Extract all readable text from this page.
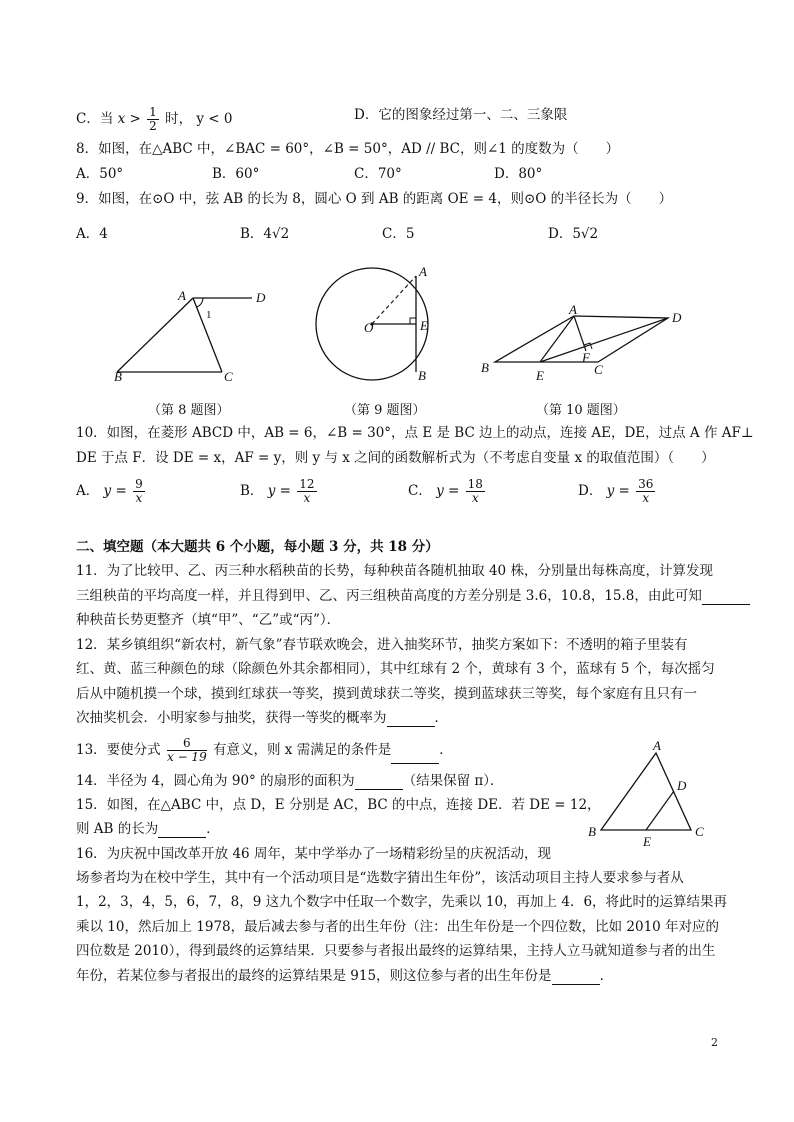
C．当 $x > \frac{1}{2}$ 时， y < 0	D．它的图象经过第一、二、三象限
8．如图，在△ABC 中，∠BAC = 60°，∠B = 50°，AD // BC，则∠1 的度数为（　　）
A．50°	B．60°	C．70°	D．80°
9．如图，在⊙O 中，弦 AB 的长为 8，圆心 O 到 AB 的距离 OE = 4，则⊙O 的半径长为（　　）
A．4	B．4√2	C．5	D．5√2
A	D
1
B	C
（第 8 题图）
A
O	E
B
（第 9 题图）
A
D
F
B
E	C
（第 10 题图）
10．如图，在菱形 ABCD 中，AB = 6，∠B = 30°，点 E 是 BC 边上的动点，连接 AE，DE，过点 A 作 AF⊥
DE 于点 F．设 DE = x，AF = y，则 y 与 x 之间的函数解析式为（不考虑自变量 x 的取值范围）（　　）
A． $y = \frac{9}{x}$	B． $y = \frac{12}{x}$	C． $y = \frac{18}{x}$	D． $y = \frac{36}{x}$
二、填空题（本大题共 6 个小题，每小题 3 分，共 18 分）
11．为了比较甲、乙、丙三种水稻秧苗的长势，每种秧苗各随机抽取 40 株，分别量出每株高度，计算发现
三组秧苗的平均高度一样，并且得到甲、乙、丙三组秧苗高度的方差分别是 3.6，10.8，15.8，由此可知
种秧苗长势更整齐（填“甲”、“乙”或“丙”）．
12．某乡镇组织“新农村，新气象”春节联欢晚会，进入抽奖环节，抽奖方案如下：不透明的箱子里装有
红、黄、蓝三种颜色的球（除颜色外其余都相同），其中红球有 2 个，黄球有 3 个，蓝球有 5 个，每次摇匀
后从中随机摸一个球，摸到红球获一等奖，摸到黄球获二等奖，摸到蓝球获三等奖，每个家庭有且只有一
次抽奖机会．小明家参与抽奖，获得一等奖的概率为	．
13．要使分式 $\frac{6}{x - 19}$ 有意义，则 x 需满足的条件是	．
14．半径为 4，圆心角为 90° 的扇形的面积为	（结果保留 π）．
15．如图，在△ABC 中，点 D，E 分别是 AC，BC 的中点，连接 DE．若 DE = 12，
则 AB 的长为	．
A
D
B
E
C
16．为庆祝中国改革开放 46 周年，某中学举办了一场精彩纷呈的庆祝活动，现
场参者均为在校中学生，其中有一个活动项目是“选数字猜出生年份”，该活动项目主持人要求参与者从
1，2，3，4，5，6，7，8，9 这九个数字中任取一个数字，先乘以 10，再加上 4．6，将此时的运算结果再
乘以 10，然后加上 1978，最后减去参与者的出生年份（注：出生年份是一个四位数，比如 2010 年对应的
四位数是 2010），得到最终的运算结果．只要参与者报出最终的运算结果，主持人立马就知道参与者的出生
年份，若某位参与者报出的最终的运算结果是 915，则这位参与者的出生年份是	．
2
